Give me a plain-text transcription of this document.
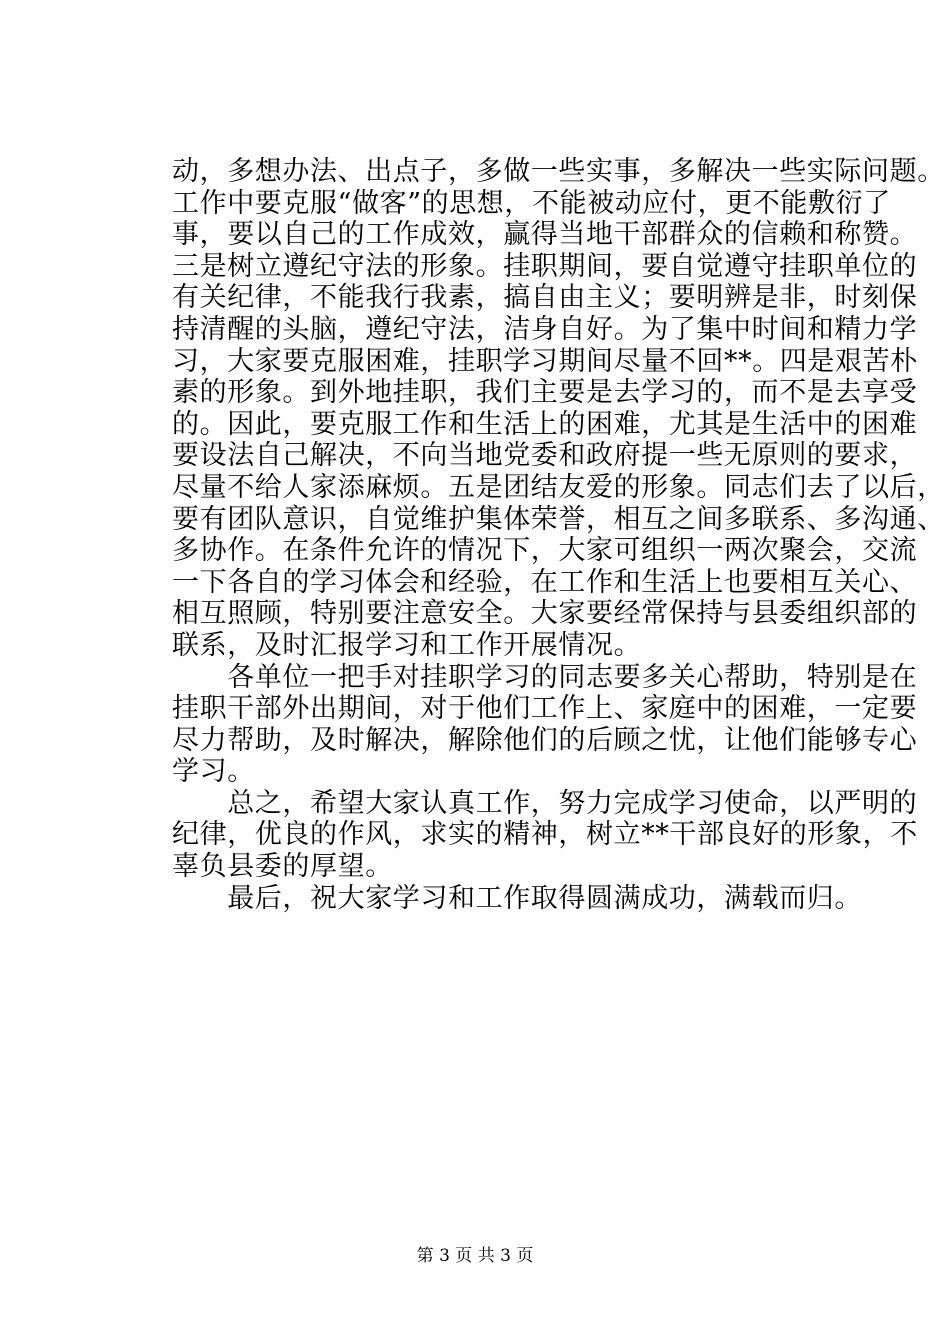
动，多想办法、出点子，多做一些实事，多解决一些实际问题。
工作中要克服“做客”的思想，不能被动应付，更不能敷衍了
事，要以自己的工作成效，赢得当地干部群众的信赖和称赞。
三是树立遵纪守法的形象。挂职期间，要自觉遵守挂职单位的
有关纪律，不能我行我素，搞自由主义；要明辨是非，时刻保
持清醒的头脑，遵纪守法，洁身自好。为了集中时间和精力学
习，大家要克服困难，挂职学习期间尽量不回**。四是艰苦朴
素的形象。到外地挂职，我们主要是去学习的，而不是去享受
的。因此，要克服工作和生活上的困难，尤其是生活中的困难
要设法自己解决，不向当地党委和政府提一些无原则的要求，
尽量不给人家添麻烦。五是团结友爱的形象。同志们去了以后，
要有团队意识，自觉维护集体荣誉，相互之间多联系、多沟通、
多协作。在条件允许的情况下，大家可组织一两次聚会，交流
一下各自的学习体会和经验，在工作和生活上也要相互关心、
相互照顾，特别要注意安全。大家要经常保持与县委组织部的
联系，及时汇报学习和工作开展情况。
　　各单位一把手对挂职学习的同志要多关心帮助，特别是在
挂职干部外出期间，对于他们工作上、家庭中的困难，一定要
尽力帮助，及时解决，解除他们的后顾之忧，让他们能够专心
学习。
　　总之，希望大家认真工作，努力完成学习使命，以严明的
纪律，优良的作风，求实的精神，树立**干部良好的形象，不
辜负县委的厚望。
　　最后，祝大家学习和工作取得圆满成功，满载而归。
第 3 页 共 3 页
